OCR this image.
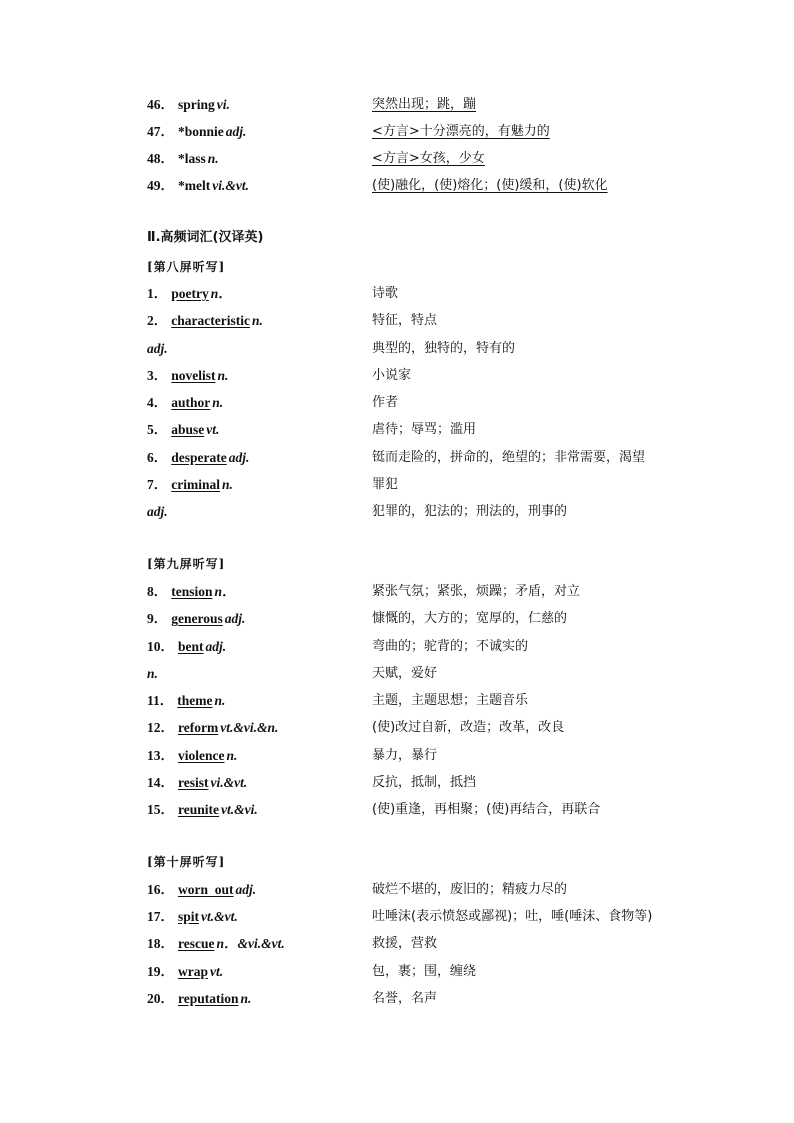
46． spring vi.	突然出现；跳，蹦
47． *bonnie adj.	<方言>十分漂亮的，有魅力的
48． *lass n.	<方言>女孩，少女
49． *melt vi.&vt.	(使)融化，(使)熔化；(使)缓和，(使)软化
Ⅱ.高频词汇(汉译英)
[第八屏听写]
1． poetry n．	诗歌
2． characteristic n.	特征，特点
adj.	典型的，独特的，特有的
3． novelist n.	小说家
4． author n.	作者
5． abuse vt.	虐待；辱骂；滥用
6． desperate adj.	铤而走险的，拼命的，绝望的；非常需要，渴望
7． criminal n.	罪犯
adj.	犯罪的，犯法的；刑法的，刑事的
[第九屏听写]
8． tension n．	紧张气氛；紧张，烦躁；矛盾，对立
9． generous adj.	慷慨的，大方的；宽厚的，仁慈的
10． bent adj.	弯曲的；驼背的；不诚实的
n.	天赋，爱好
11． theme n.	主题，主题思想；主题音乐
12． reform vt.&vi.&n.	(使)改过自新，改造；改革，改良
13． violence n.	暴力，暴行
14． resist vi.&vt.	反抗，抵制，抵挡
15． reunite vt.&vi.	(使)重逢，再相聚；(使)再结合，再联合
[第十屏听写]
16． worn  out adj.	破烂不堪的，废旧的；精疲力尽的
17． spit vt.&vt.	吐唾沫(表示愤怒或鄙视)；吐，唾(唾沫、食物等)
18． rescue n．&vi.&vt.	救援，营救
19． wrap vt.	包，裹；围，缠绕
20． reputation n.	名誉，名声
